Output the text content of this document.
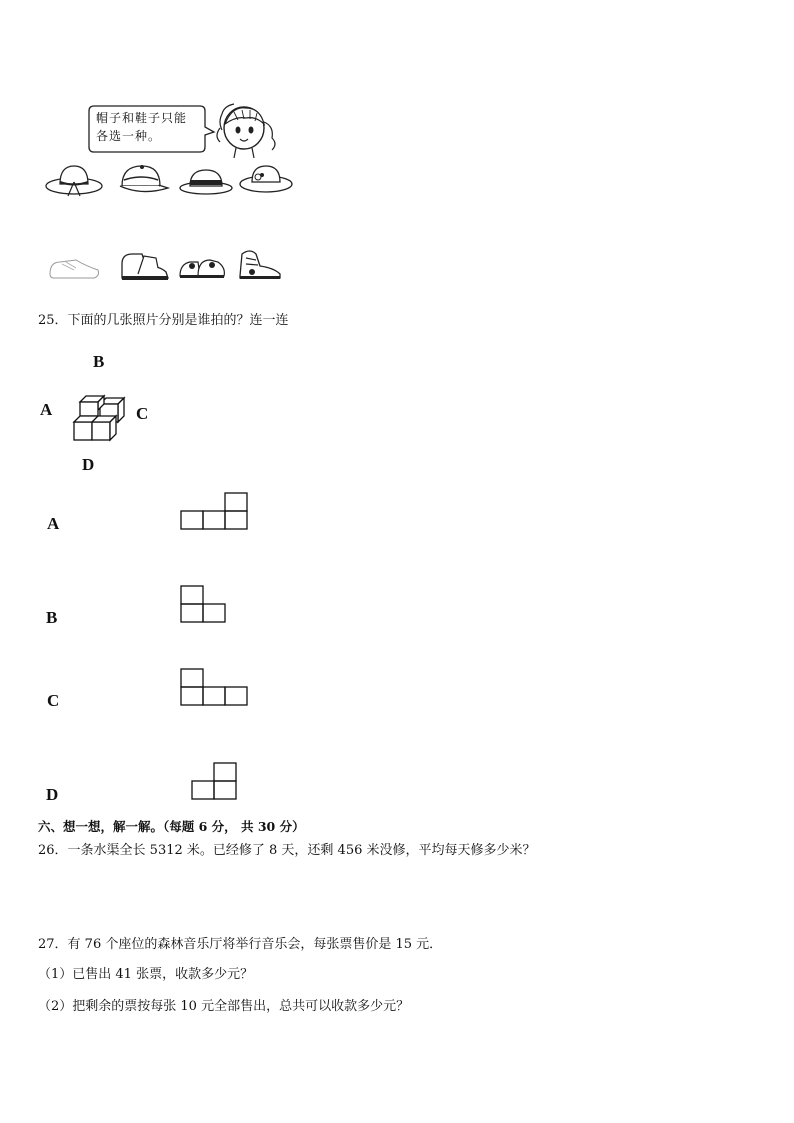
帽子和鞋子只能
各选一种。
25．下面的几张照片分别是谁拍的？连一连
B
A	C
D
A
B
C
D
六、想一想，解一解。（每题 6 分， 共 30 分）
26．一条水渠全长 5312 米。已经修了 8 天，还剩 456 米没修，平均每天修多少米？
27．有 76 个座位的森林音乐厅将举行音乐会，每张票售价是 15 元．
（1）已售出 41 张票，收款多少元？
（2）把剩余的票按每张 10 元全部售出，总共可以收款多少元？
